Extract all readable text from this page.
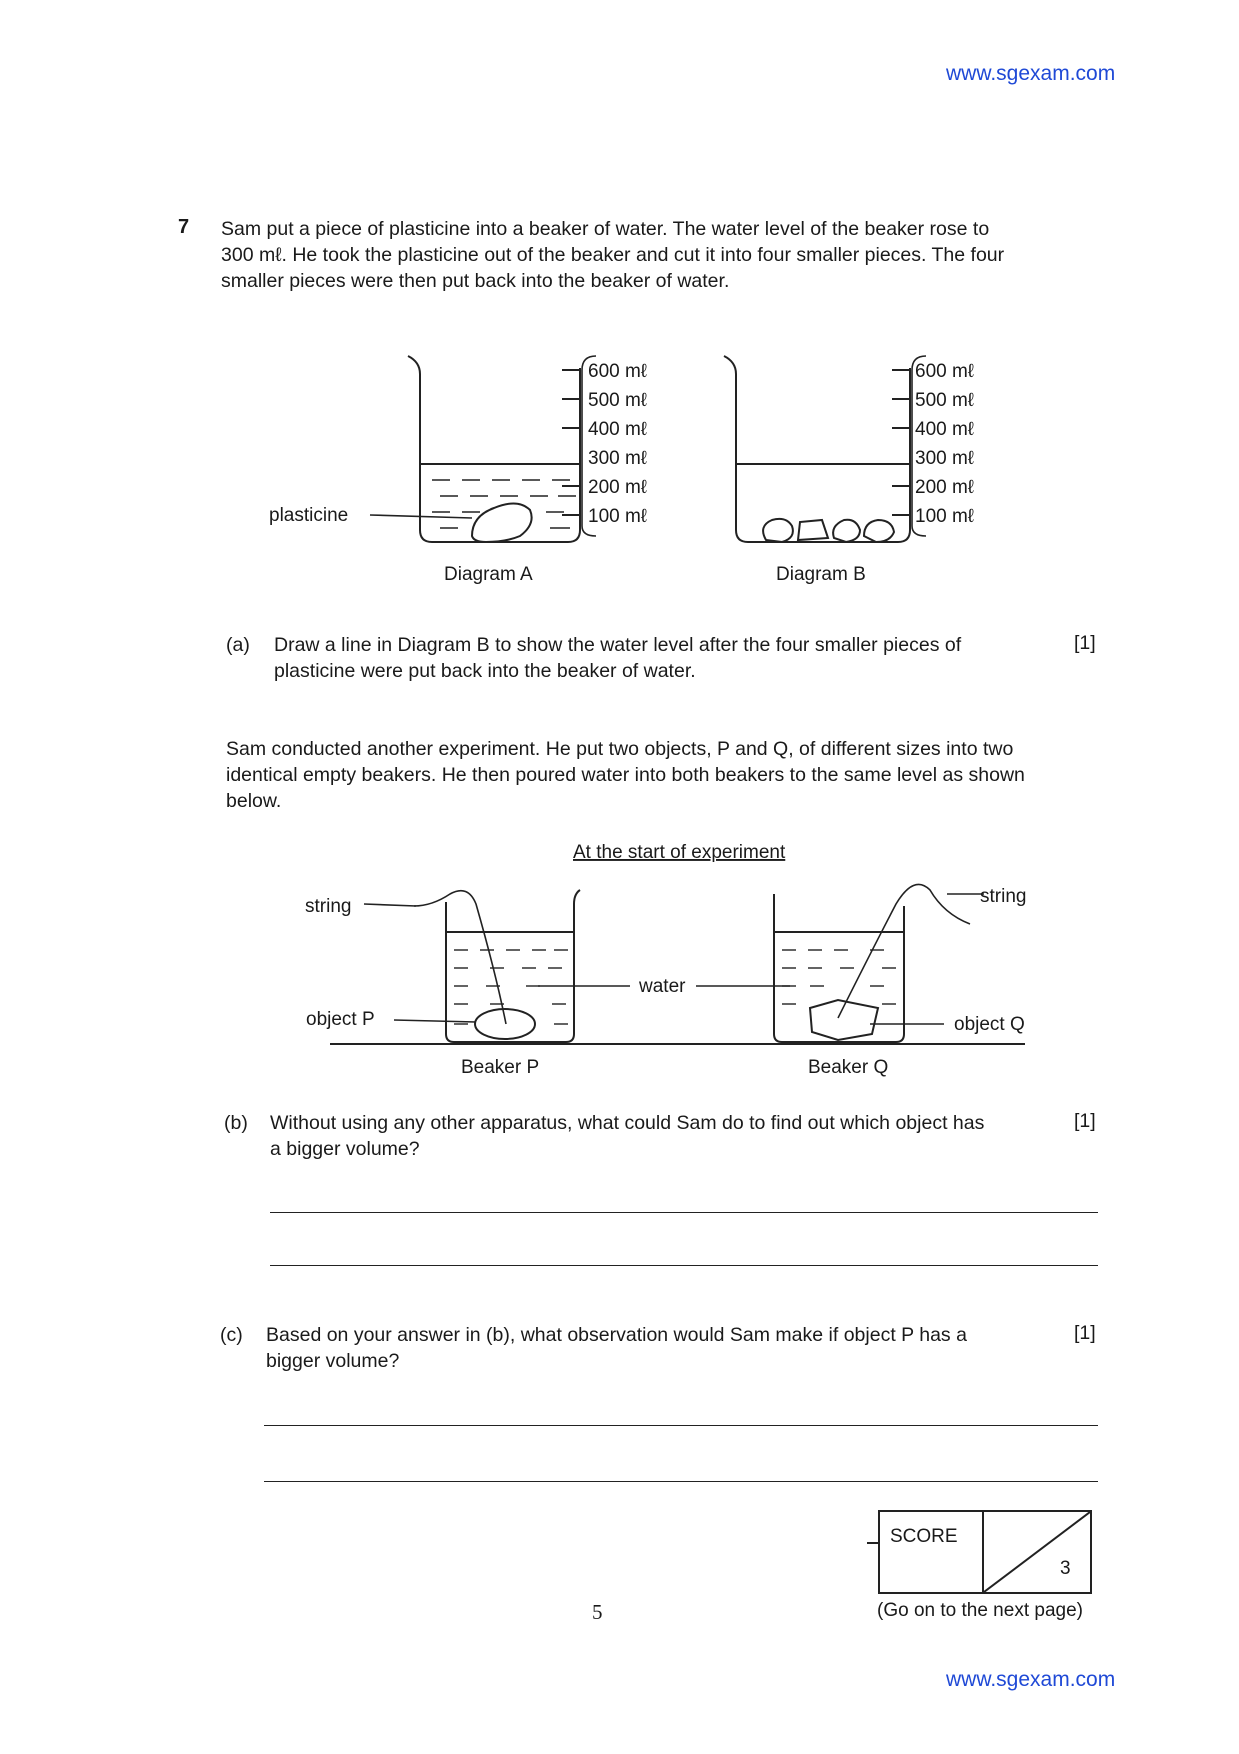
www.sgexam.com
7 Sam put a piece of plasticine into a beaker of water. The water level of the beaker rose to
300 mℓ. He took the plasticine out of the beaker and cut it into four smaller pieces. The four
smaller pieces were then put back into the beaker of water.
600 mℓ
500 mℓ
400 mℓ
300 mℓ
200 mℓ
100 mℓ
600 mℓ
500 mℓ
400 mℓ
300 mℓ
200 mℓ
100 mℓ
plasticine
Diagram A	Diagram B
(a) Draw a line in Diagram B to show the water level after the four smaller pieces of
plasticine were put back into the beaker of water.
[1]
Sam conducted another experiment. He put two objects, P and Q, of different sizes into two
identical empty beakers. He then poured water into both beakers to the same level as shown
below.
At the start of experiment
string	string
water
object P	object Q
Beaker P	Beaker Q
(b) Without using any other apparatus, what could Sam do to find out which object has
a bigger volume?
[1]
(c) Based on your answer in (b), what observation would Sam make if object P has a
bigger volume?
[1]
SCORE
3
5	(Go on to the next page)
www.sgexam.com
